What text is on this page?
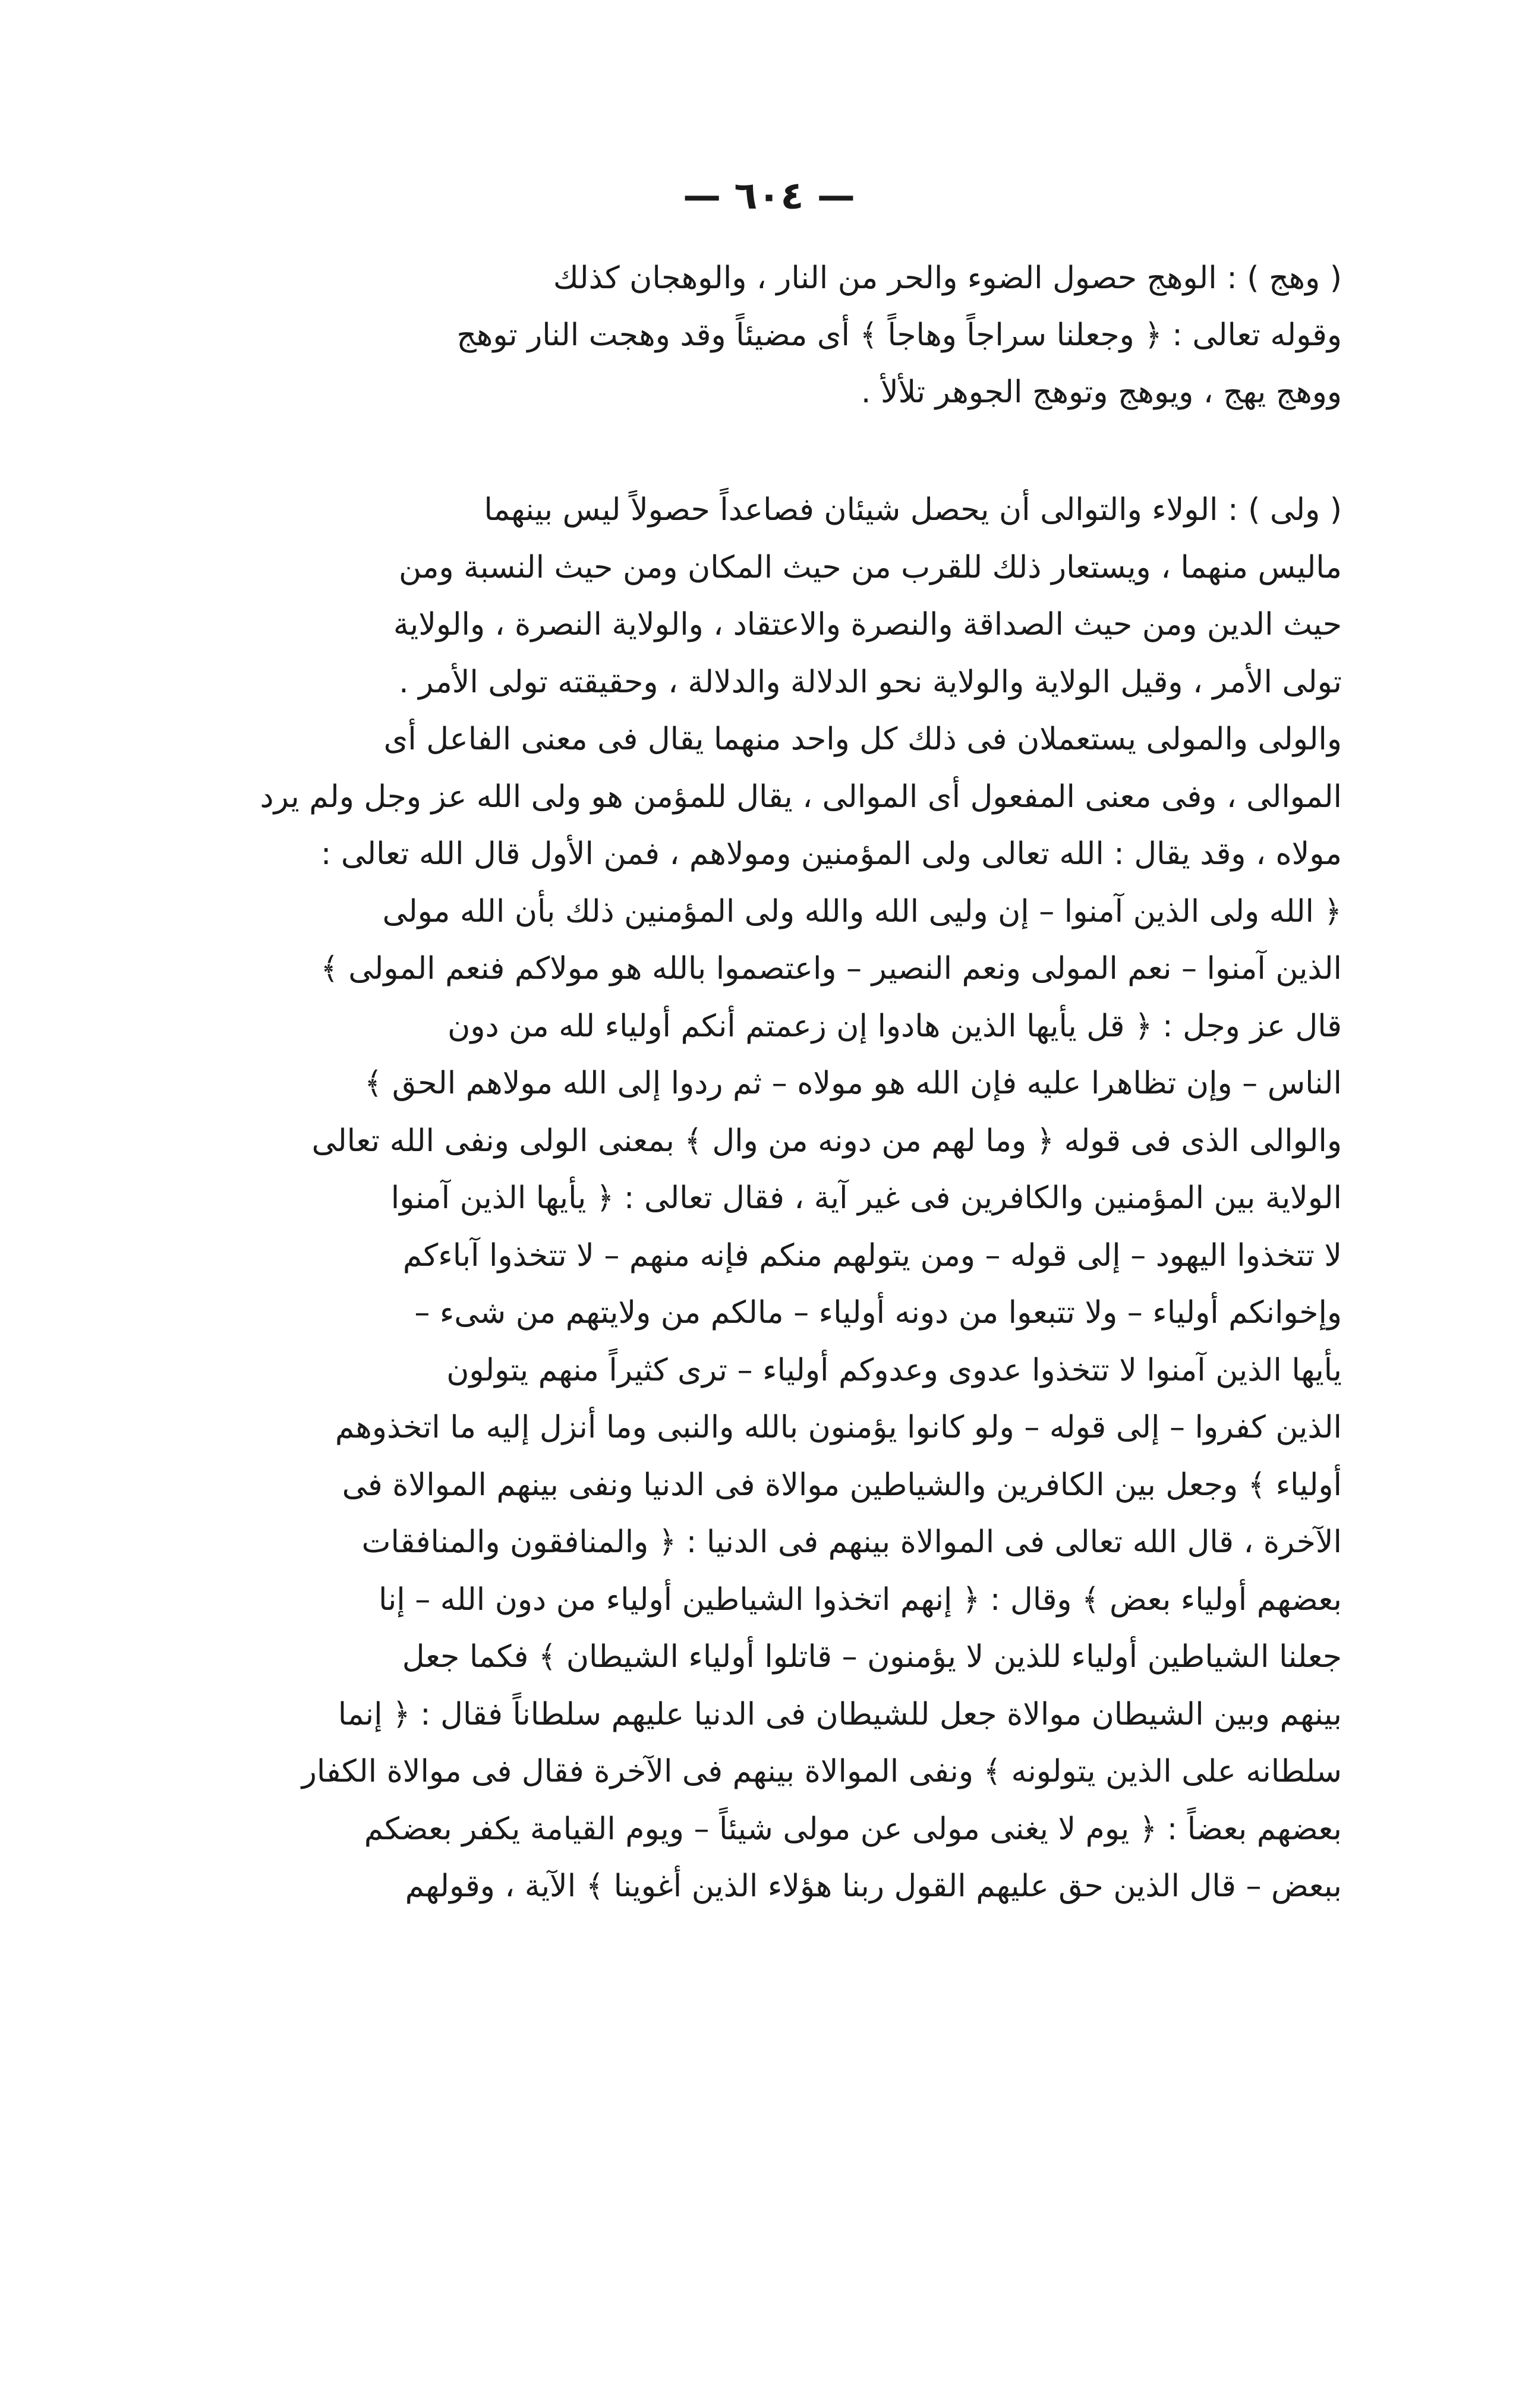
— ٦٠٤ —
( وهج ) : الوهج حصول الضوء والحر من النار ، والوهجان كذلك
وقوله تعالى : ﴿ وجعلنا سراجاً وهاجاً ﴾ أى مضيئاً وقد وهجت النار توهج
ووهج يهج ، ويوهج وتوهج الجوهر تلألأ .
( ولى ) : الولاء والتوالى أن يحصل شيئان فصاعداً حصولاً ليس بينهما
ماليس منهما ، ويستعار ذلك للقرب من حيث المكان ومن حيث النسبة ومن
حيث الدين ومن حيث الصداقة والنصرة والاعتقاد ، والولاية النصرة ، والولاية
تولى الأمر ، وقيل الولاية والولاية نحو الدلالة والدلالة ، وحقيقته تولى الأمر .
والولى والمولى يستعملان فى ذلك كل واحد منهما يقال فى معنى الفاعل أى
الموالى ، وفى معنى المفعول أى الموالى ، يقال للمؤمن هو ولى الله عز وجل ولم يرد
مولاه ، وقد يقال : الله تعالى ولى المؤمنين ومولاهم ، فمن الأول قال الله تعالى :
﴿ الله ولى الذين آمنوا – إن وليى الله والله ولى المؤمنين ذلك بأن الله مولى
الذين آمنوا – نعم المولى ونعم النصير – واعتصموا بالله هو مولاكم فنعم المولى ﴾
قال عز وجل : ﴿ قل يأيها الذين هادوا إن زعمتم أنكم أولياء لله من دون
الناس – وإن تظاهرا عليه فإن الله هو مولاه – ثم ردوا إلى الله مولاهم الحق ﴾
والوالى الذى فى قوله ﴿ وما لهم من دونه من وال ﴾ بمعنى الولى ونفى الله تعالى
الولاية بين المؤمنين والكافرين فى غير آية ، فقال تعالى : ﴿ يأيها الذين آمنوا
لا تتخذوا اليهود – إلى قوله – ومن يتولهم منكم فإنه منهم – لا تتخذوا آباءكم
وإخوانكم أولياء – ولا تتبعوا من دونه أولياء – مالكم من ولايتهم من شىء –
يأيها الذين آمنوا لا تتخذوا عدوى وعدوكم أولياء – ترى كثيراً منهم يتولون
الذين كفروا – إلى قوله – ولو كانوا يؤمنون بالله والنبى وما أنزل إليه ما اتخذوهم
أولياء ﴾ وجعل بين الكافرين والشياطين موالاة فى الدنيا ونفى بينهم الموالاة فى
الآخرة ، قال الله تعالى فى الموالاة بينهم فى الدنيا : ﴿ والمنافقون والمنافقات
بعضهم أولياء بعض ﴾ وقال : ﴿ إنهم اتخذوا الشياطين أولياء من دون الله – إنا
جعلنا الشياطين أولياء للذين لا يؤمنون – قاتلوا أولياء الشيطان ﴾ فكما جعل
بينهم وبين الشيطان موالاة جعل للشيطان فى الدنيا عليهم سلطاناً فقال : ﴿ إنما
سلطانه على الذين يتولونه ﴾ ونفى الموالاة بينهم فى الآخرة فقال فى موالاة الكفار
بعضهم بعضاً : ﴿ يوم لا يغنى مولى عن مولى شيئاً – ويوم القيامة يكفر بعضكم
ببعض – قال الذين حق عليهم القول ربنا هؤلاء الذين أغوينا ﴾ الآية ، وقولهم
